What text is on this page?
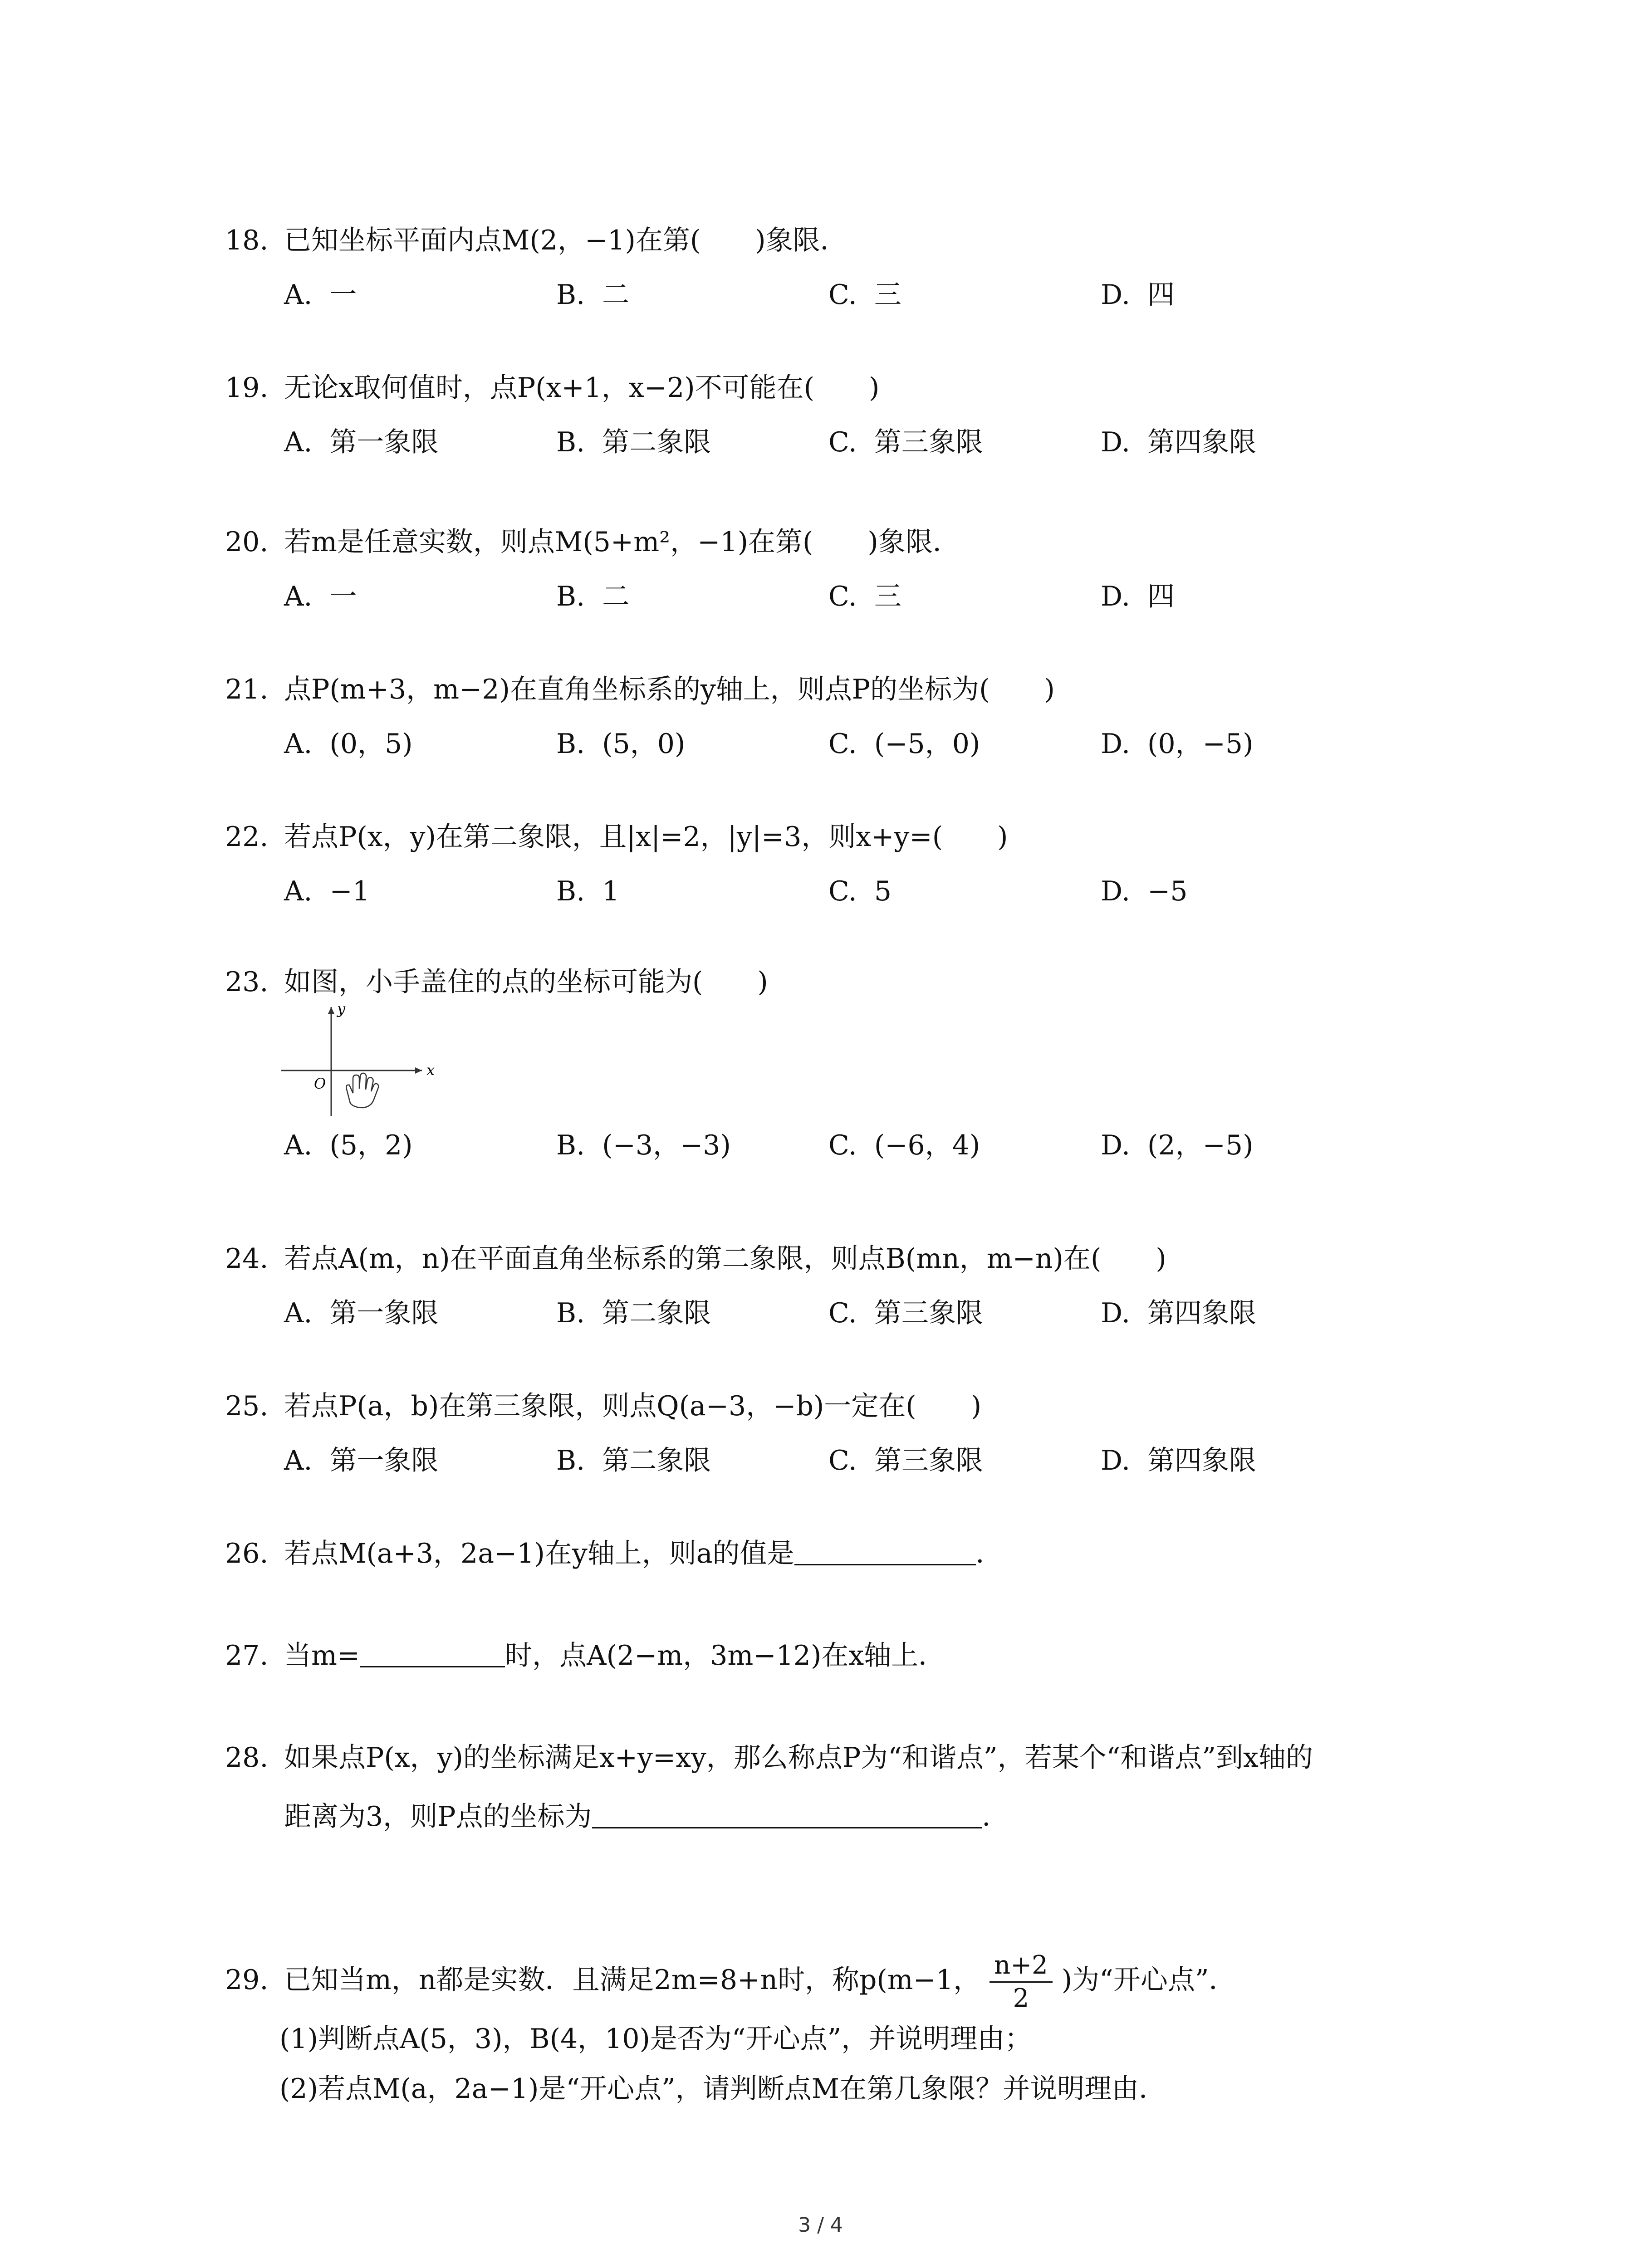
18. 已知坐标平面内点M(2，−1)在第(　　)象限．
A. 一	B. 二	C. 三	D. 四
19. 无论x取何值时，点P(x+1，x−2)不可能在(　　)
A. 第一象限	B. 第二象限	C. 第三象限	D. 第四象限
20. 若m是任意实数，则点M(5+m²，−1)在第(　　)象限．
A. 一	B. 二	C. 三	D. 四
21. 点P(m+3，m−2)在直角坐标系的y轴上，则点P的坐标为(　　)
A. (0，5)	B. (5，0)	C. (−5，0)	D. (0，−5)
22. 若点P(x，y)在第二象限，且|x|=2，|y|=3，则x+y=(　　)
A. −1	B. 1	C. 5	D. −5
23. 如图，小手盖住的点的坐标可能为(　　)
y
x
O
A. (5，2)	B. (−3，−3)	C. (−6，4)	D. (2，−5)
24. 若点A(m，n)在平面直角坐标系的第二象限，则点B(mn，m−n)在(　　)
A. 第一象限	B. 第二象限	C. 第三象限	D. 第四象限
25. 若点P(a，b)在第三象限，则点Q(a−3，−b)一定在(　　)
A. 第一象限	B. 第二象限	C. 第三象限	D. 第四象限
26. 若点M(a+3，2a−1)在y轴上，则a的值是	．
27. 当m=	时，点A(2−m，3m−12)在x轴上．
28. 如果点P(x，y)的坐标满足x+y=xy，那么称点P为“和谐点”，若某个“和谐点”到x轴的
距离为3，则P点的坐标为	．
29. 已知当m，n都是实数．且满足2m=8+n时，称p(m−1， $\frac{n+2}{2}$ )为“开心点”．
(1)判断点A(5，3)，B(4，10)是否为“开心点”，并说明理由；
(2)若点M(a，2a−1)是“开心点”，请判断点M在第几象限？并说明理由．
3 / 4
